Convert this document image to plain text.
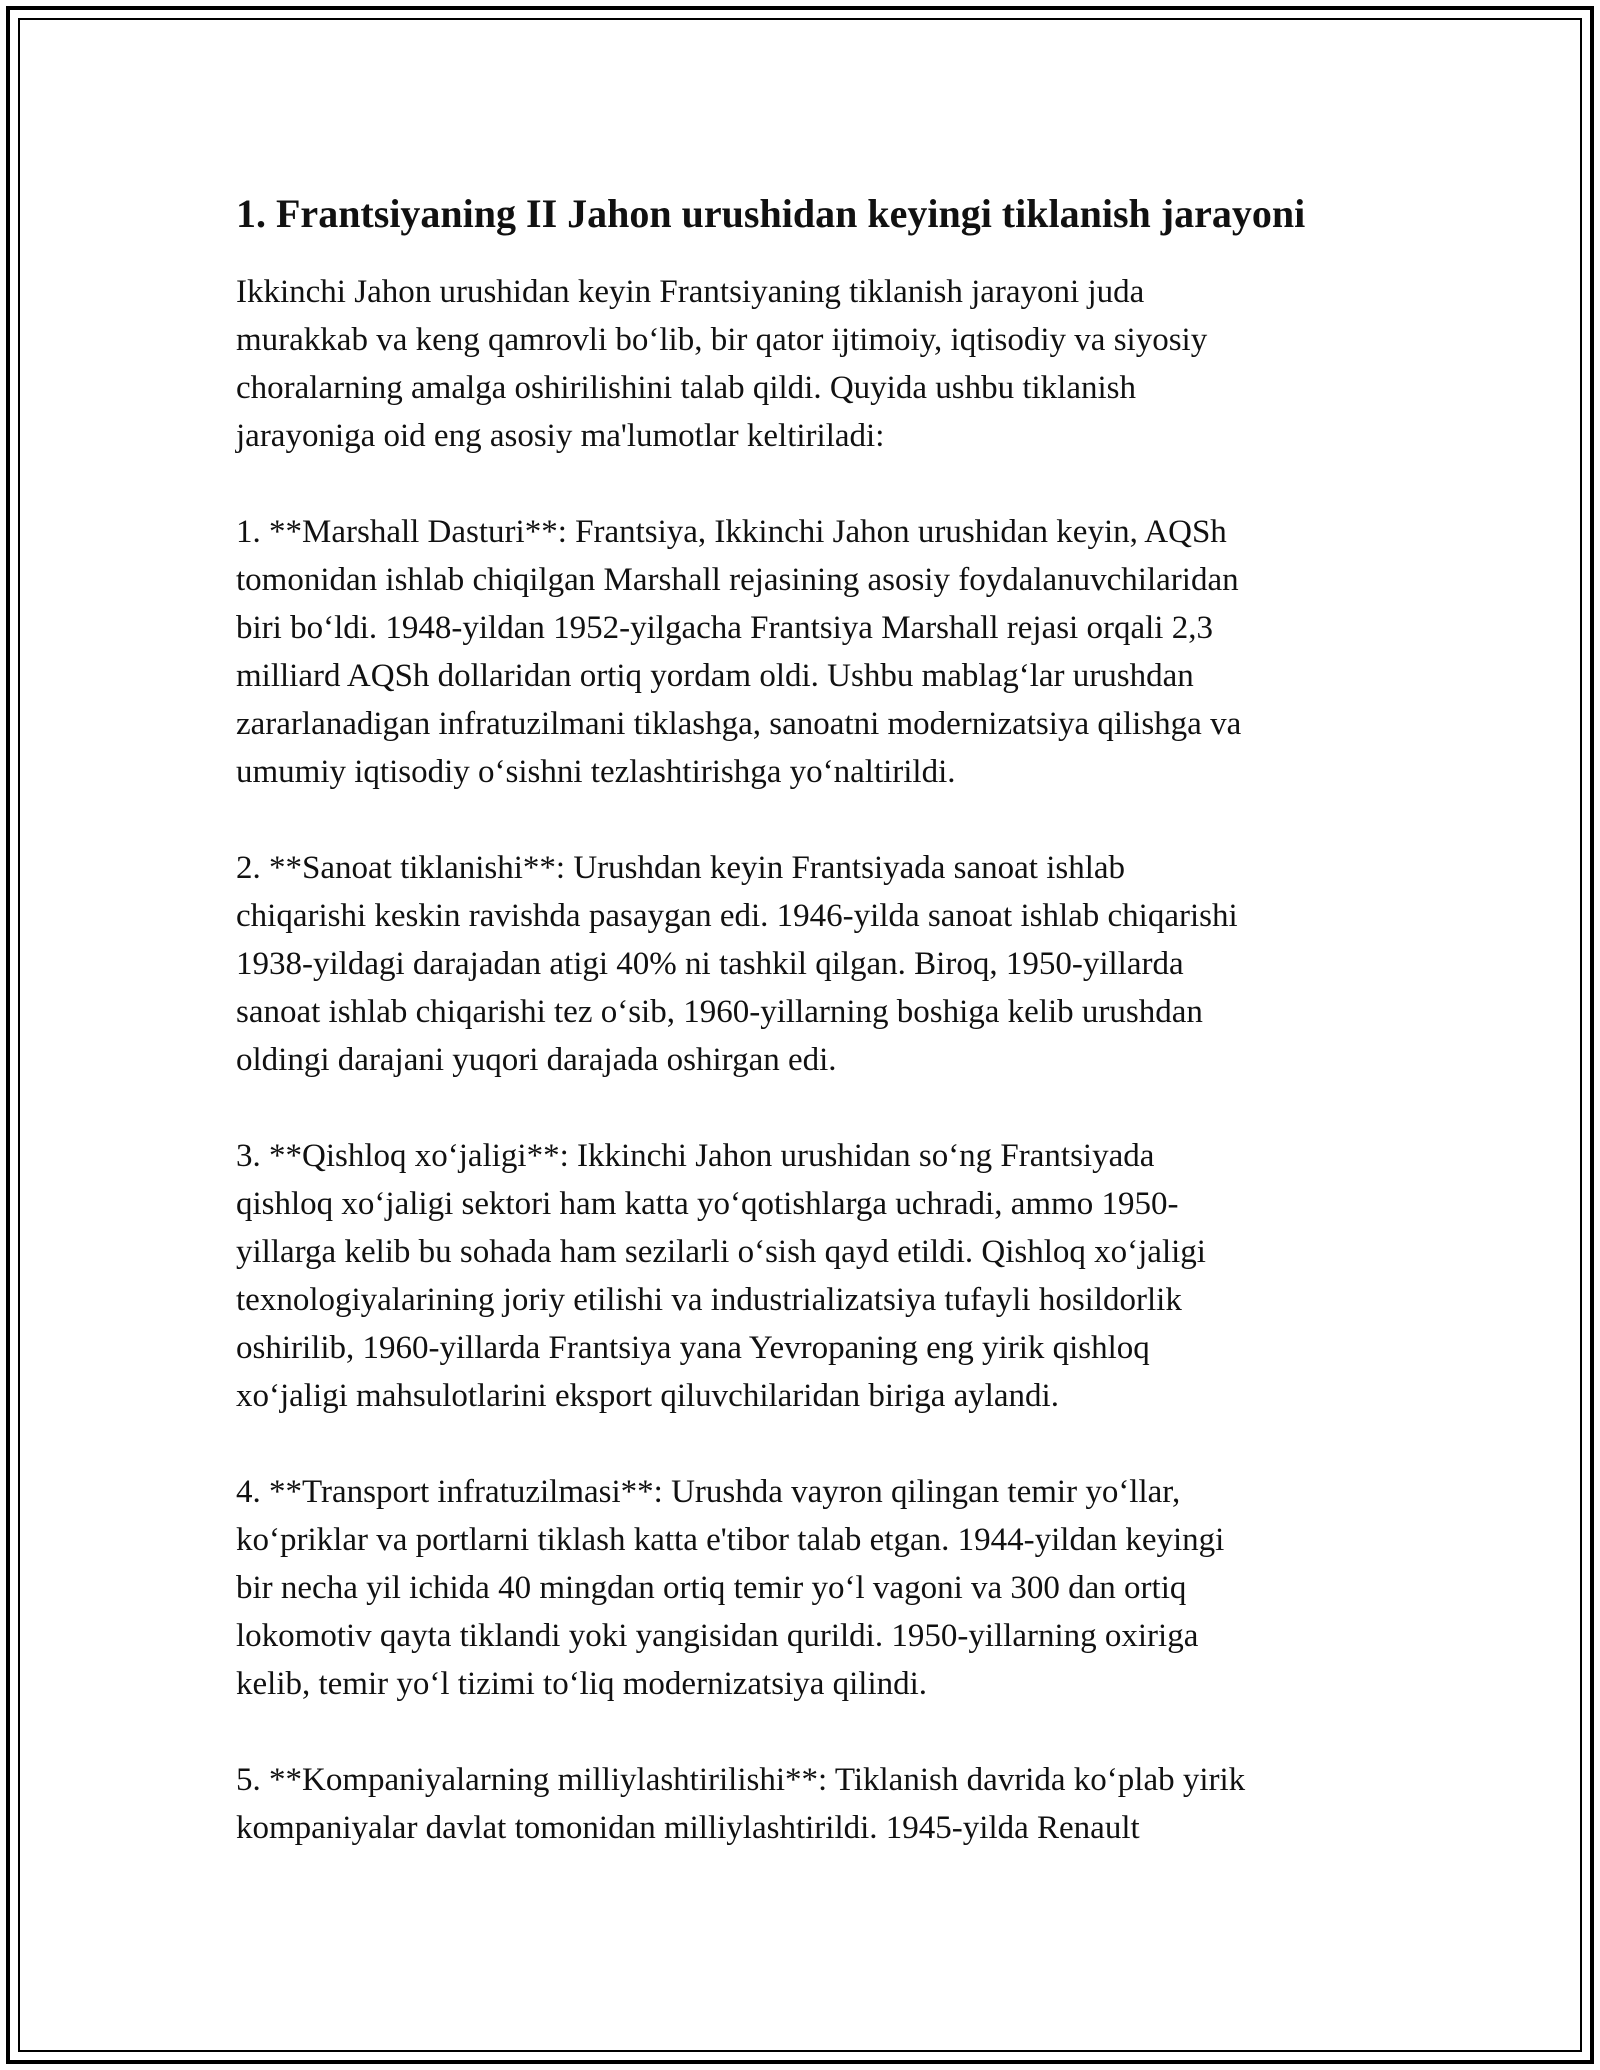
1. Frantsiyaning II Jahon urushidan keyingi tiklanish jarayoni
Ikkinchi Jahon urushidan keyin Frantsiyaning tiklanish jarayoni juda
murakkab va keng qamrovli bo‘lib, bir qator ijtimoiy, iqtisodiy va siyosiy
choralarning amalga oshirilishini talab qildi. Quyida ushbu tiklanish
jarayoniga oid eng asosiy ma'lumotlar keltiriladi:
1. **Marshall Dasturi**: Frantsiya, Ikkinchi Jahon urushidan keyin, AQSh
tomonidan ishlab chiqilgan Marshall rejasining asosiy foydalanuvchilaridan
biri bo‘ldi. 1948-yildan 1952-yilgacha Frantsiya Marshall rejasi orqali 2,3
milliard AQSh dollaridan ortiq yordam oldi. Ushbu mablag‘lar urushdan
zararlanadigan infratuzilmani tiklashga, sanoatni modernizatsiya qilishga va
umumiy iqtisodiy o‘sishni tezlashtirishga yo‘naltirildi.
2. **Sanoat tiklanishi**: Urushdan keyin Frantsiyada sanoat ishlab
chiqarishi keskin ravishda pasaygan edi. 1946-yilda sanoat ishlab chiqarishi
1938-yildagi darajadan atigi 40% ni tashkil qilgan. Biroq, 1950-yillarda
sanoat ishlab chiqarishi tez o‘sib, 1960-yillarning boshiga kelib urushdan
oldingi darajani yuqori darajada oshirgan edi.
3. **Qishloq xo‘jaligi**: Ikkinchi Jahon urushidan so‘ng Frantsiyada
qishloq xo‘jaligi sektori ham katta yo‘qotishlarga uchradi, ammo 1950-
yillarga kelib bu sohada ham sezilarli o‘sish qayd etildi. Qishloq xo‘jaligi
texnologiyalarining joriy etilishi va industrializatsiya tufayli hosildorlik
oshirilib, 1960-yillarda Frantsiya yana Yevropaning eng yirik qishloq
xo‘jaligi mahsulotlarini eksport qiluvchilaridan biriga aylandi.
4. **Transport infratuzilmasi**: Urushda vayron qilingan temir yo‘llar,
ko‘priklar va portlarni tiklash katta e'tibor talab etgan. 1944-yildan keyingi
bir necha yil ichida 40 mingdan ortiq temir yo‘l vagoni va 300 dan ortiq
lokomotiv qayta tiklandi yoki yangisidan qurildi. 1950-yillarning oxiriga
kelib, temir yo‘l tizimi to‘liq modernizatsiya qilindi.
5. **Kompaniyalarning milliylashtirilishi**: Tiklanish davrida ko‘plab yirik
kompaniyalar davlat tomonidan milliylashtirildi. 1945-yilda Renault
